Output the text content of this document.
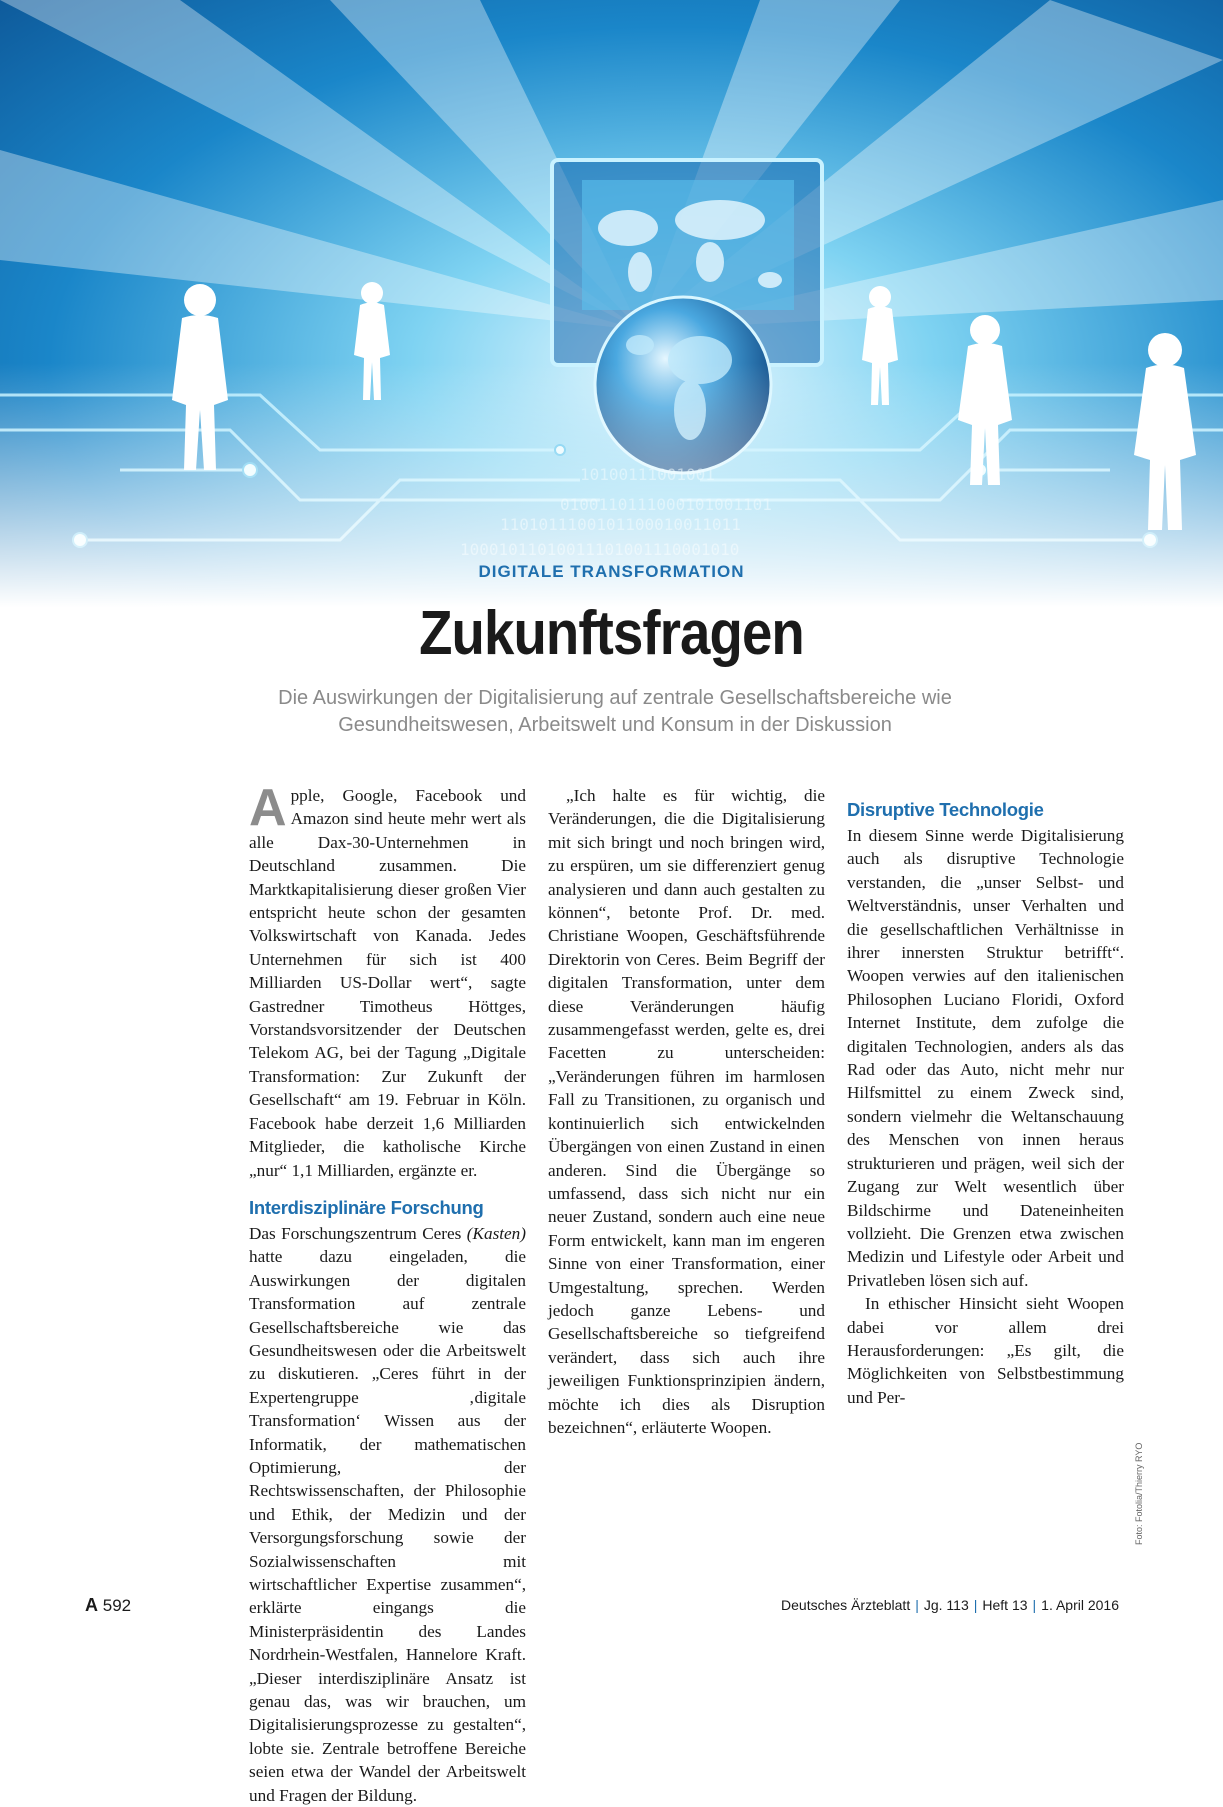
DIGITALE TRANSFORMATION
Zukunftsfragen
Die Auswirkungen der Digitalisierung auf zentrale Gesellschaftsbereiche wie
Gesundheitswesen, Arbeitswelt und Konsum in der Diskussion

Apple, Google, Facebook und Amazon sind heute mehr wert als alle Dax-30-Unternehmen in Deutschland zusammen. Die Marktkapitalisierung dieser großen Vier entspricht heute schon der gesamten Volkswirtschaft von Kanada. Jedes Unternehmen für sich ist 400 Milliarden US-Dollar wert“, sagte Gastredner Timotheus Höttges, Vorstandsvorsitzender der Deutschen Telekom AG, bei der Tagung „Digitale Transformation: Zur Zukunft der Gesellschaft“ am 19. Februar in Köln. Facebook habe derzeit 1,6 Milliarden Mitglieder, die katholische Kirche „nur“ 1,1 Milliarden, ergänzte er.

Interdisziplinäre Forschung

Das Forschungszentrum Ceres (Kasten) hatte dazu eingeladen, die Auswirkungen der digitalen Transformation auf zentrale Gesellschaftsbereiche wie das Gesundheitswesen oder die Arbeitswelt zu diskutieren. „Ceres führt in der Expertengruppe ‚digitale Transformation‘ Wissen aus der Informatik, der mathematischen Optimierung, der Rechtswissenschaften, der Philosophie und Ethik, der Medizin und der Versorgungsforschung sowie der Sozialwissenschaften mit wirtschaftlicher Expertise zusammen“, erklärte eingangs die Ministerpräsidentin des Landes Nordrhein-Westfalen, Hannelore Kraft. „Dieser interdisziplinäre Ansatz ist genau das, was wir brauchen, um Digitalisierungsprozesse zu gestalten“, lobte sie. Zentrale betroffene Bereiche seien etwa der Wandel der Arbeitswelt und Fragen der Bildung.

„Ich halte es für wichtig, die Veränderungen, die die Digitalisierung mit sich bringt und noch bringen wird, zu erspüren, um sie differenziert genug analysieren und dann auch gestalten zu können“, betonte Prof. Dr. med. Christiane Woopen, Geschäftsführende Direktorin von Ceres. Beim Begriff der digitalen Transformation, unter dem diese Veränderungen häufig zusammengefasst werden, gelte es, drei Facetten zu unterscheiden: „Veränderungen führen im harmlosen Fall zu Transitionen, zu organisch und kontinuierlich sich entwickelnden Übergängen von einen Zustand in einen anderen. Sind die Übergänge so umfassend, dass sich nicht nur ein neuer Zustand, sondern auch eine neue Form entwickelt, kann man im engeren Sinne von einer Transformation, einer Umgestaltung, sprechen. Werden jedoch ganze Lebens- und Gesellschaftsbereiche so tiefgreifend verändert, dass sich auch ihre jeweiligen Funktionsprinzipien ändern, möchte ich dies als Disruption bezeichnen“, erläuterte Woopen.

Disruptive Technologie

In diesem Sinne werde Digitalisierung auch als disruptive Technologie verstanden, die „unser Selbst- und Weltverständnis, unser Verhalten und die gesellschaftlichen Verhältnisse in ihrer innersten Struktur betrifft“. Woopen verwies auf den italienischen Philosophen Luciano Floridi, Oxford Internet Institute, dem zufolge die digitalen Technologien, anders als das Rad oder das Auto, nicht mehr nur Hilfsmittel zu einem Zweck sind, sondern vielmehr die Weltanschauung des Menschen von innen heraus strukturieren und prägen, weil sich der Zugang zur Welt wesentlich über Bildschirme und Dateneinheiten vollzieht. Die Grenzen etwa zwischen Medizin und Lifestyle oder Arbeit und Privatleben lösen sich auf.

In ethischer Hinsicht sieht Woopen dabei vor allem drei Herausforderungen: „Es gilt, die Möglichkeiten von Selbstbestimmung und Per-

Foto: Fotolia/Thierry RYO
A 592	Deutsches Ärzteblatt | Jg. 113 | Heft 13 | 1. April 2016
